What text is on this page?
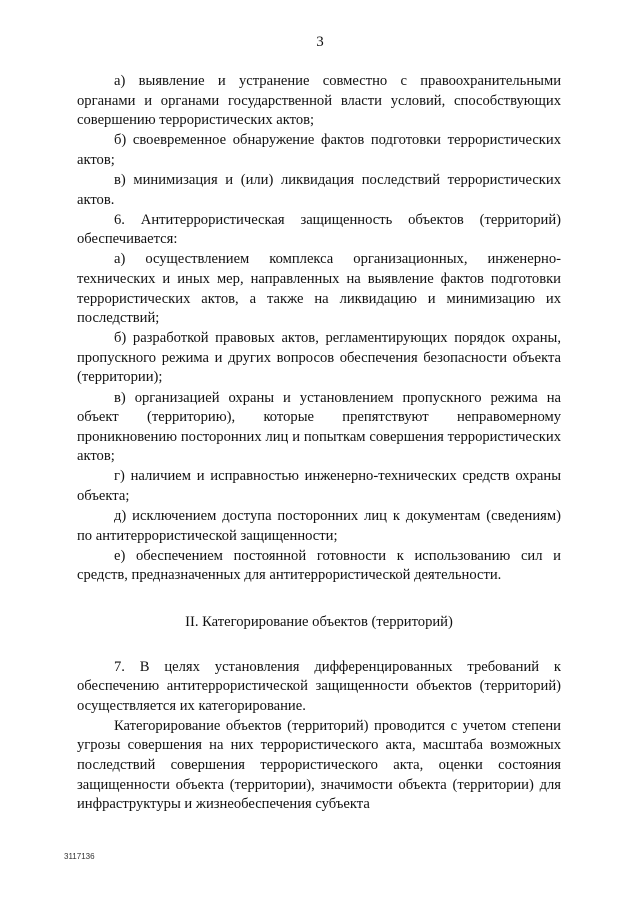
3

а) выявление и устранение совместно с правоохранительными органами и органами государственной власти условий, способствующих совершению террористических актов;

б) своевременное обнаружение фактов подготовки террористических актов;

в) минимизация и (или) ликвидация последствий террористических актов.

6. Антитеррористическая защищенность объектов (территорий) обеспечивается:

а) осуществлением комплекса организационных, инженерно-технических и иных мер, направленных на выявление фактов подготовки террористических актов, а также на ликвидацию и минимизацию их последствий;

б) разработкой правовых актов, регламентирующих порядок охраны, пропускного режима и других вопросов обеспечения безопасности объекта (территории);

в) организацией охраны и установлением пропускного режима на объект (территорию), которые препятствуют неправомерному проникновению посторонних лиц и попыткам совершения террористических актов;

г) наличием и исправностью инженерно-технических средств охраны объекта;

д) исключением доступа посторонних лиц к документам (сведениям) по антитеррористической защищенности;

е) обеспечением постоянной готовности к использованию сил и средств, предназначенных для антитеррористической деятельности.

II. Категорирование объектов (территорий)

7. В целях установления дифференцированных требований к обеспечению антитеррористической защищенности объектов (территорий) осуществляется их категорирование.

Категорирование объектов (территорий) проводится с учетом степени угрозы совершения на них террористического акта, масштаба возможных последствий совершения террористического акта, оценки состояния защищенности объекта (территории), значимости объекта (территории) для инфраструктуры и жизнеобеспечения субъекта

3117136
